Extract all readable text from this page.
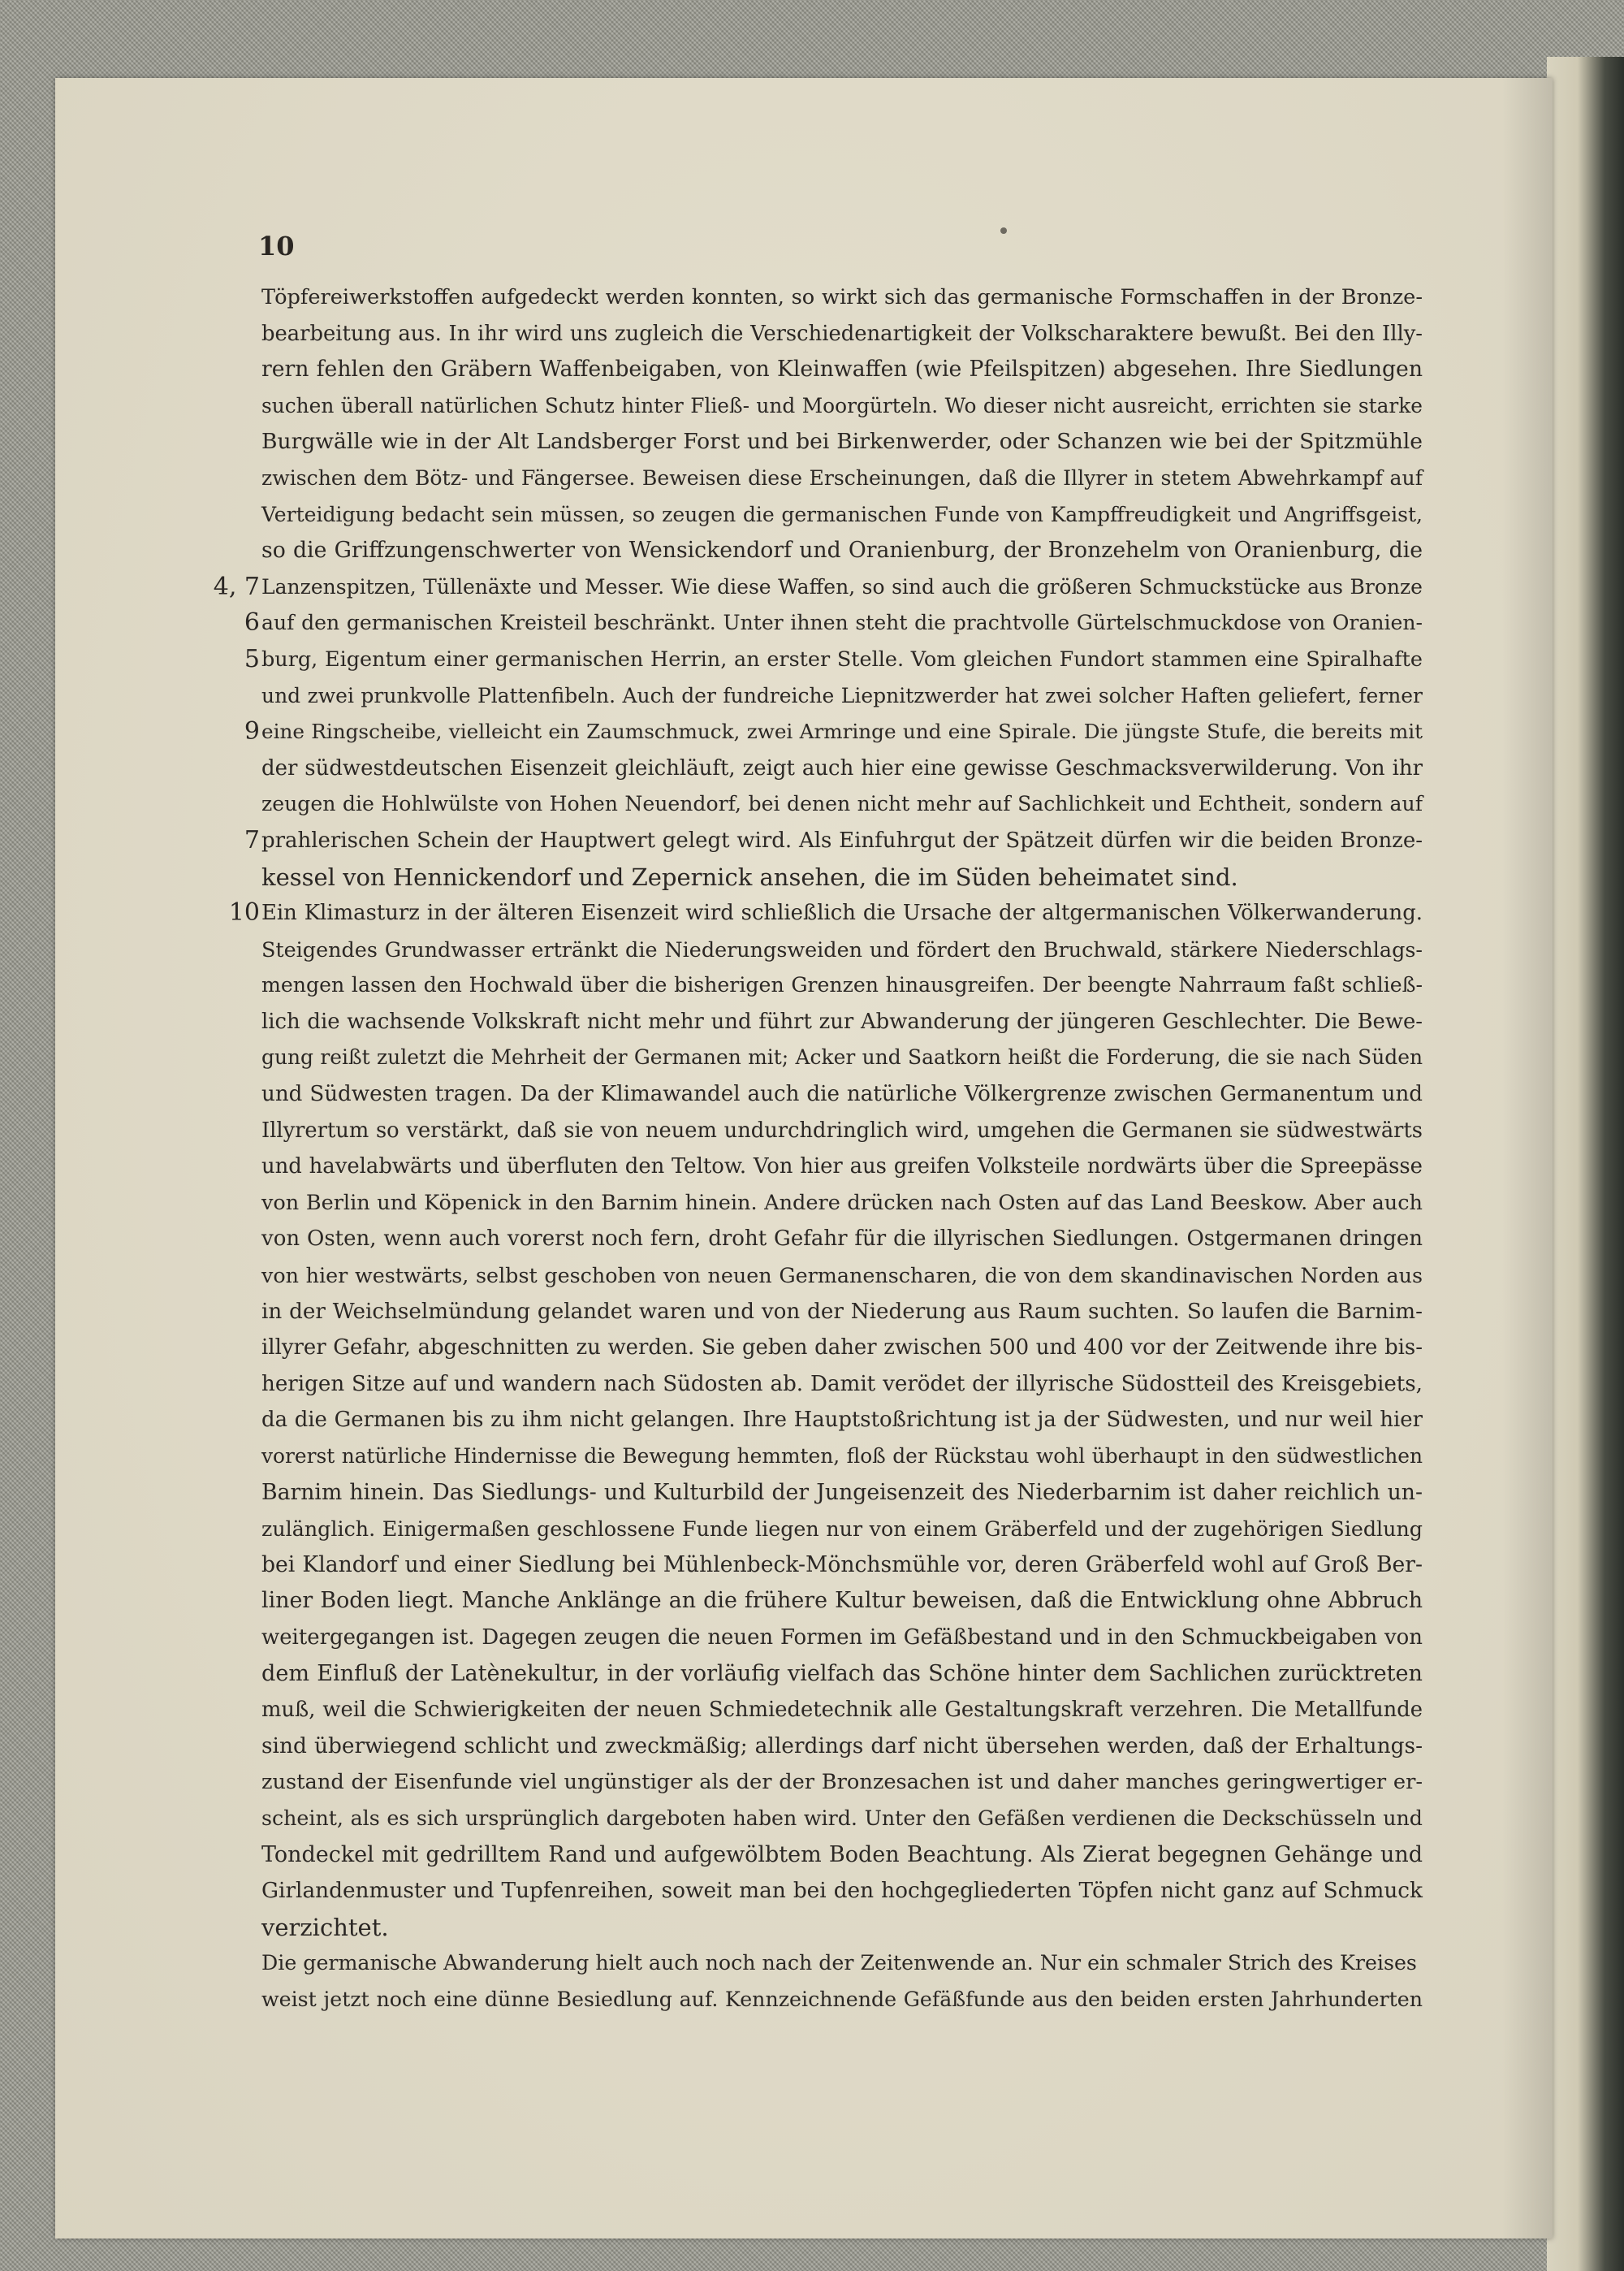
10
4, 7
6
5
9
7
10
Töpfereiwerkstoffen aufgedeckt werden konnten, so wirkt sich das germanische Formschaffen in der Bronze-
bearbeitung aus. In ihr wird uns zugleich die Verschiedenartigkeit der Volkscharaktere bewußt. Bei den Illy-
rern fehlen den Gräbern Waffenbeigaben, von Kleinwaffen (wie Pfeilspitzen) abgesehen. Ihre Siedlungen
suchen überall natürlichen Schutz hinter Fließ- und Moorgürteln. Wo dieser nicht ausreicht, errichten sie starke
Burgwälle wie in der Alt Landsberger Forst und bei Birkenwerder, oder Schanzen wie bei der Spitzmühle
zwischen dem Bötz- und Fängersee. Beweisen diese Erscheinungen, daß die Illyrer in stetem Abwehrkampf auf
Verteidigung bedacht sein müssen, so zeugen die germanischen Funde von Kampffreudigkeit und Angriffsgeist,
so die Griffzungenschwerter von Wensickendorf und Oranienburg, der Bronzehelm von Oranienburg, die
Lanzenspitzen, Tüllenäxte und Messer. Wie diese Waffen, so sind auch die größeren Schmuckstücke aus Bronze
auf den germanischen Kreisteil beschränkt. Unter ihnen steht die prachtvolle Gürtelschmuckdose von Oranien-
burg, Eigentum einer germanischen Herrin, an erster Stelle. Vom gleichen Fundort stammen eine Spiralhafte
und zwei prunkvolle Plattenfibeln. Auch der fundreiche Liepnitzwerder hat zwei solcher Haften geliefert, ferner
eine Ringscheibe, vielleicht ein Zaumschmuck, zwei Armringe und eine Spirale. Die jüngste Stufe, die bereits mit
der südwestdeutschen Eisenzeit gleichläuft, zeigt auch hier eine gewisse Geschmacksverwilderung. Von ihr
zeugen die Hohlwülste von Hohen Neuendorf, bei denen nicht mehr auf Sachlichkeit und Echtheit, sondern auf
prahlerischen Schein der Hauptwert gelegt wird. Als Einfuhrgut der Spätzeit dürfen wir die beiden Bronze-
kessel von Hennickendorf und Zepernick ansehen, die im Süden beheimatet sind.
Ein Klimasturz in der älteren Eisenzeit wird schließlich die Ursache der altgermanischen Völkerwanderung.
Steigendes Grundwasser ertränkt die Niederungsweiden und fördert den Bruchwald, stärkere Niederschlags-
mengen lassen den Hochwald über die bisherigen Grenzen hinausgreifen. Der beengte Nahrraum faßt schließ-
lich die wachsende Volkskraft nicht mehr und führt zur Abwanderung der jüngeren Geschlechter. Die Bewe-
gung reißt zuletzt die Mehrheit der Germanen mit; Acker und Saatkorn heißt die Forderung, die sie nach Süden
und Südwesten tragen. Da der Klimawandel auch die natürliche Völkergrenze zwischen Germanentum und
Illyrertum so verstärkt, daß sie von neuem undurchdringlich wird, umgehen die Germanen sie südwestwärts
und havelabwärts und überfluten den Teltow. Von hier aus greifen Volksteile nordwärts über die Spreepässe
von Berlin und Köpenick in den Barnim hinein. Andere drücken nach Osten auf das Land Beeskow. Aber auch
von Osten, wenn auch vorerst noch fern, droht Gefahr für die illyrischen Siedlungen. Ostgermanen dringen
von hier westwärts, selbst geschoben von neuen Germanenscharen, die von dem skandinavischen Norden aus
in der Weichselmündung gelandet waren und von der Niederung aus Raum suchten. So laufen die Barnim-
illyrer Gefahr, abgeschnitten zu werden. Sie geben daher zwischen 500 und 400 vor der Zeitwende ihre bis-
herigen Sitze auf und wandern nach Südosten ab. Damit verödet der illyrische Südostteil des Kreisgebiets,
da die Germanen bis zu ihm nicht gelangen. Ihre Hauptstoßrichtung ist ja der Südwesten, und nur weil hier
vorerst natürliche Hindernisse die Bewegung hemmten, floß der Rückstau wohl überhaupt in den südwestlichen
Barnim hinein. Das Siedlungs- und Kulturbild der Jungeisenzeit des Niederbarnim ist daher reichlich un-
zulänglich. Einigermaßen geschlossene Funde liegen nur von einem Gräberfeld und der zugehörigen Siedlung
bei Klandorf und einer Siedlung bei Mühlenbeck-Mönchsmühle vor, deren Gräberfeld wohl auf Groß Ber-
liner Boden liegt. Manche Anklänge an die frühere Kultur beweisen, daß die Entwicklung ohne Abbruch
weitergegangen ist. Dagegen zeugen die neuen Formen im Gefäßbestand und in den Schmuckbeigaben von
dem Einfluß der Latènekultur, in der vorläufig vielfach das Schöne hinter dem Sachlichen zurücktreten
muß, weil die Schwierigkeiten der neuen Schmiedetechnik alle Gestaltungskraft verzehren. Die Metallfunde
sind überwiegend schlicht und zweckmäßig; allerdings darf nicht übersehen werden, daß der Erhaltungs-
zustand der Eisenfunde viel ungünstiger als der der Bronzesachen ist und daher manches geringwertiger er-
scheint, als es sich ursprünglich dargeboten haben wird. Unter den Gefäßen verdienen die Deckschüsseln und
Tondeckel mit gedrilltem Rand und aufgewölbtem Boden Beachtung. Als Zierat begegnen Gehänge und
Girlandenmuster und Tupfenreihen, soweit man bei den hochgegliederten Töpfen nicht ganz auf Schmuck
verzichtet.
Die germanische Abwanderung hielt auch noch nach der Zeitenwende an. Nur ein schmaler Strich des Kreises
weist jetzt noch eine dünne Besiedlung auf. Kennzeichnende Gefäßfunde aus den beiden ersten Jahrhunderten
